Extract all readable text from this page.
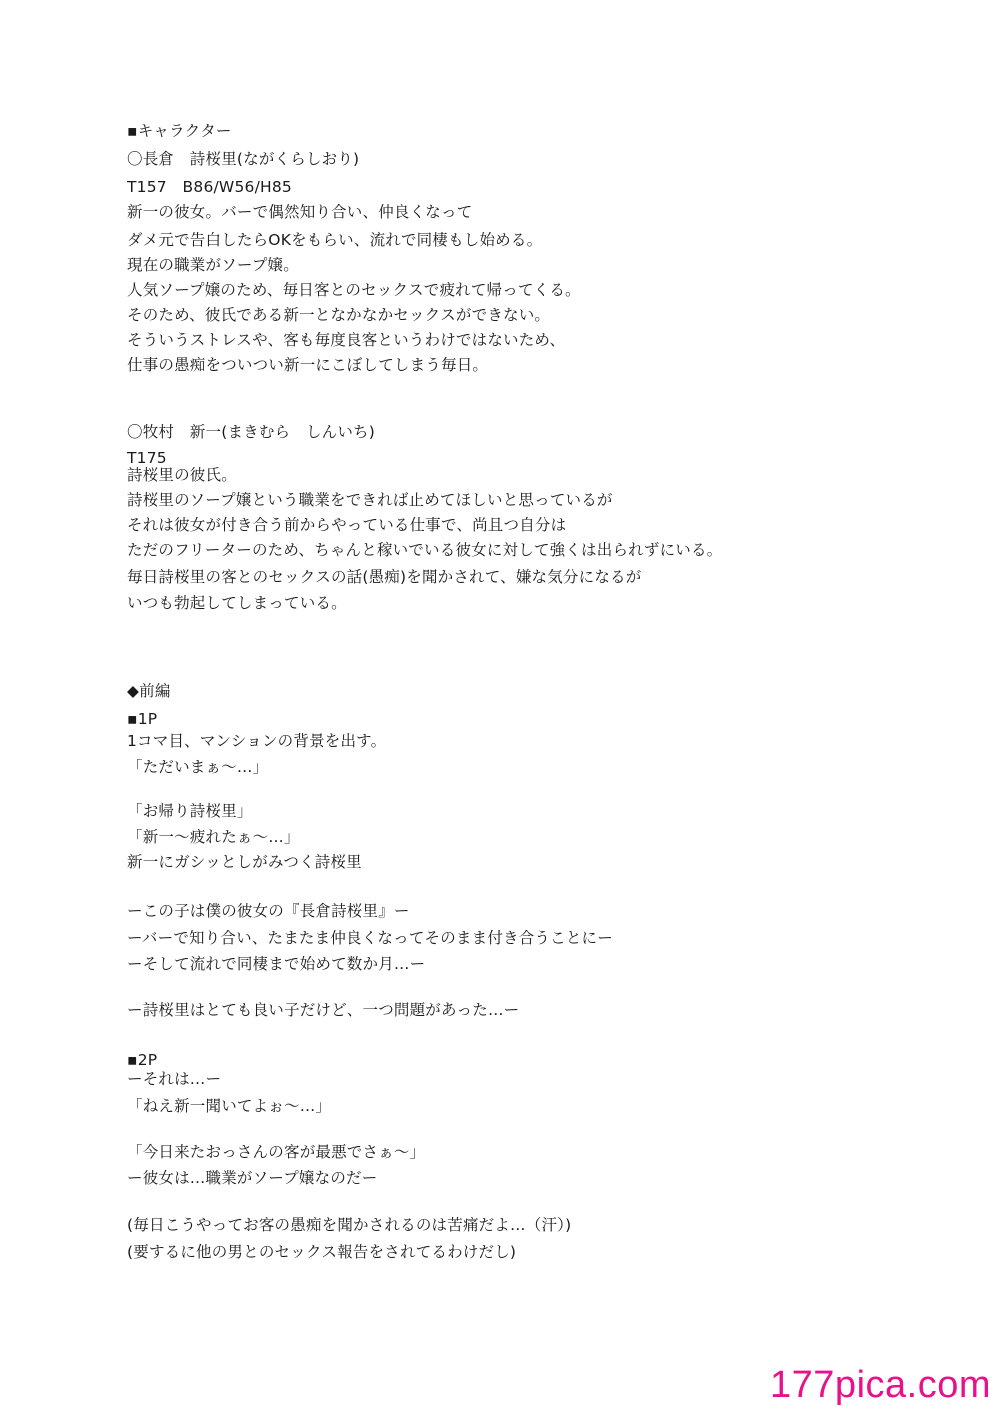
▪キャラクター
〇長倉　詩桜里(ながくらしおり)
T157　B86/W56/H85
新一の彼女。バーで偶然知り合い、仲良くなって
ダメ元で告白したらOKをもらい、流れで同棲もし始める。
現在の職業がソープ嬢。
人気ソープ嬢のため、毎日客とのセックスで疲れて帰ってくる。
そのため、彼氏である新一となかなかセックスができない。
そういうストレスや、客も毎度良客というわけではないため、
仕事の愚痴をついつい新一にこぼしてしまう毎日。
〇牧村　新一(まきむら　しんいち)
T175
詩桜里の彼氏。
詩桜里のソープ嬢という職業をできれば止めてほしいと思っているが
それは彼女が付き合う前からやっている仕事で、尚且つ自分は
ただのフリーターのため、ちゃんと稼いでいる彼女に対して強くは出られずにいる。
毎日詩桜里の客とのセックスの話(愚痴)を聞かされて、嫌な気分になるが
いつも勃起してしまっている。
◆前編
▪1P
1コマ目、マンションの背景を出す。
「ただいまぁ〜…」
「お帰り詩桜里」
「新一〜疲れたぁ〜…」
新一にガシッとしがみつく詩桜里
ーこの子は僕の彼女の『長倉詩桜里』ー
ーバーで知り合い、たまたま仲良くなってそのまま付き合うことにー
ーそして流れで同棲まで始めて数か月…ー
ー詩桜里はとても良い子だけど、一つ問題があった…ー
▪2P
ーそれは…ー
「ねえ新一聞いてよぉ〜…」
「今日来たおっさんの客が最悪でさぁ〜」
ー彼女は…職業がソープ嬢なのだー
(毎日こうやってお客の愚痴を聞かされるのは苦痛だよ…（汗）)
(要するに他の男とのセックス報告をされてるわけだし)
177pica.com
